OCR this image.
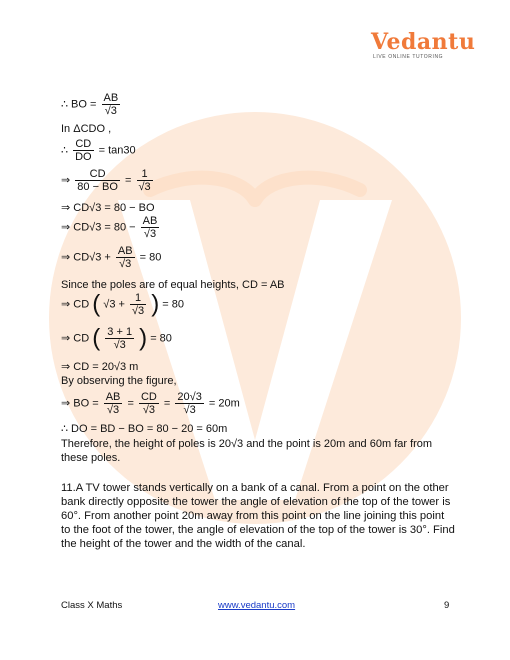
Vedantu
LIVE ONLINE TUTORING
∴ BO = $\frac{AB}{√3}$
In ΔCDO ,
∴ $\frac{CD}{DO} = \tan 30$
⇒ $\frac{CD}{80 - BO} = \frac{1}{√3}$
⇒ CD√3 = 80 − BO
⇒ $CD√3 = 80 - \frac{AB}{√3}$
⇒ $CD√3 + \frac{AB}{√3} = 80$
Since the poles are of equal heights, CD = AB
⇒ CD ( $√3 + \frac{1}{√3}$ ) = 80
⇒ CD ( $\frac{3 + 1}{√3}$ ) = 80
⇒ CD = 20√3 m
By observing the figure,
⇒ BO = $\frac{AB}{√3} = \frac{CD}{√3} = \frac{20√3}{√3} = 20m$
∴ DO = BD − BO = 80 − 20 = 60m
Therefore, the height of poles is 20√3 and the point is 20m and 60m far from
these poles.
11.A TV tower stands vertically on a bank of a canal. From a point on the other bank directly opposite the tower the angle of elevation of the top of the tower is 60°. From another point 20m away from this point on the line joining this point to the foot of the tower, the angle of elevation of the top of the tower is 30°. Find the height of the tower and the width of the canal.
Class X Maths	www.vedantu.com	9
